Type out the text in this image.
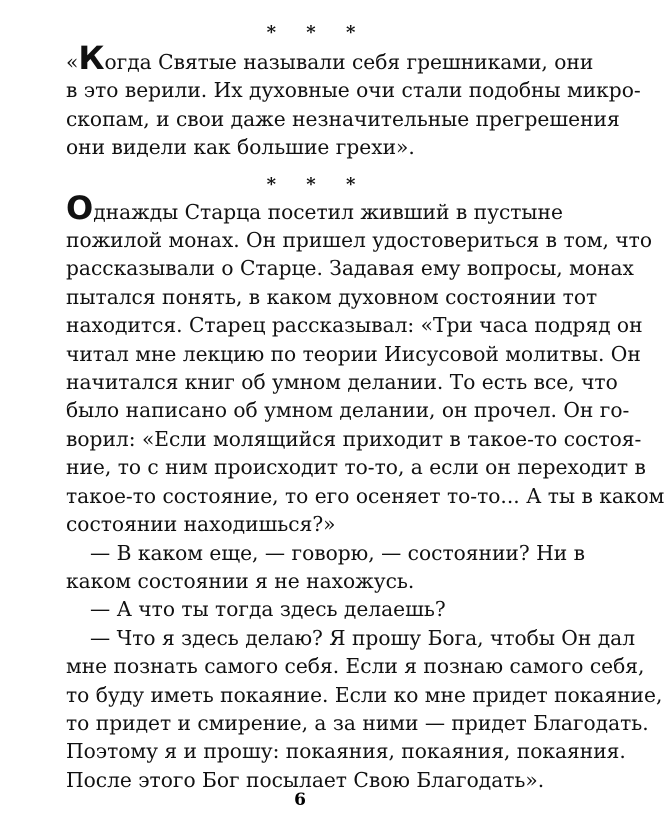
* * *
«Когда Святые называли себя грешниками, они
в это верили. Их духовные очи стали подобны микро-
скопам, и свои даже незначительные прегрешения
они видели как большие грехи».
* * *
Однажды Старца посетил живший в пустыне
пожилой монах. Он пришел удостовериться в том, что
рассказывали о Старце. Задавая ему вопросы, монах
пытался понять, в каком духовном состоянии тот
находится. Старец рассказывал: «Три часа подряд он
читал мне лекцию по теории Иисусовой молитвы. Он
начитался книг об умном делании. То есть все, что
было написано об умном делании, он прочел. Он го-
ворил: «Если молящийся приходит в такое-то состоя-
ние, то с ним происходит то-то, а если он переходит в
такое-то состояние, то его осеняет то-то... А ты в каком
состоянии находишься?»
— В каком еще, — говорю, — состоянии? Ни в
каком состоянии я не нахожусь.
— А что ты тогда здесь делаешь?
— Что я здесь делаю? Я прошу Бога, чтобы Он дал
мне познать самого себя. Если я познаю самого себя,
то буду иметь покаяние. Если ко мне придет покаяние,
то придет и смирение, а за ними — придет Благодать.
Поэтому я и прошу: покаяния, покаяния, покаяния.
После этого Бог посылает Свою Благодать».
6
